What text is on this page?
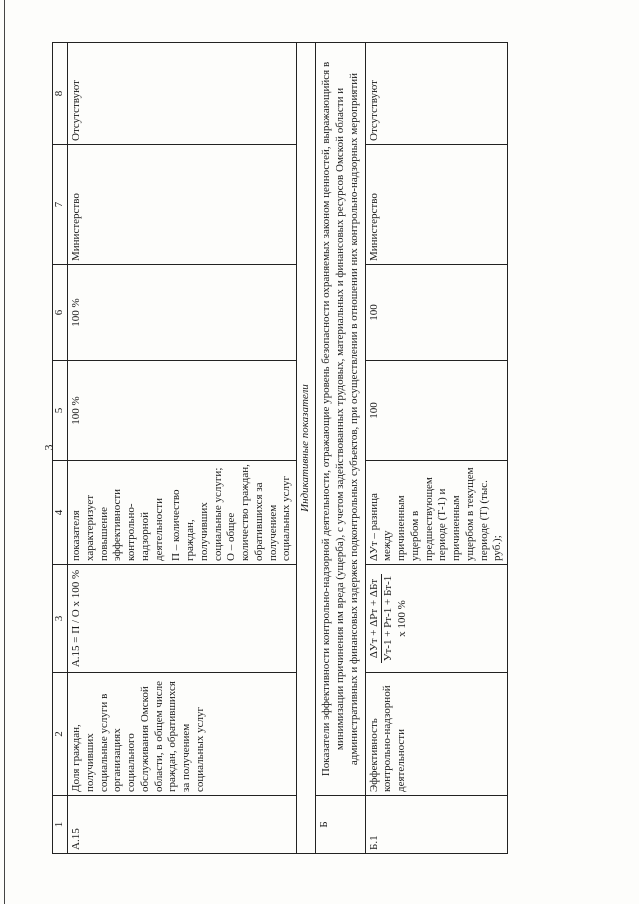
3
1	2	3	4	5	6	7	8
А.15	Доля граждан, получивших социальные услуги в организациях социального обслуживания Омской области, в общем числе граждан, обратившихся за получением социальных услуг	А.15 = П / О x 100 %	показателя характеризует повышение эффективности контрольно-надзорной деятельности П – количество граждан, получивших социальные услуги; О – общее количество граждан, обратившихся за получением социальных услуг	100 %	100 %	Министерство	Отсутствуют
Индикативные показатели							
Б	Показатели эффективности контрольно-надзорной деятельности, отражающие уровень безопасности охраняемых законом ценностей, выражающийся в минимизации причинения им вреда (ущерба), с учетом задействованных трудовых, материальных и финансовых ресурсов Омской области и административных и финансовых издержек подконтрольных субъектов, при осуществлении в отношении них контрольно-надзорных мероприятий						
Б.1	Эффективность контрольно-надзорной деятельности	ΔУт + ΔРт + ΔБт Ут-1 + Рт-1 + Бт-1 x 100 %	ΔУт – разница между причиненным ущербом в предшествующем периоде (Т-1) и причиненным ущербом в текущем периоде (Т) (тыс. руб.);	100	100	Министерство	Отсутствуют
